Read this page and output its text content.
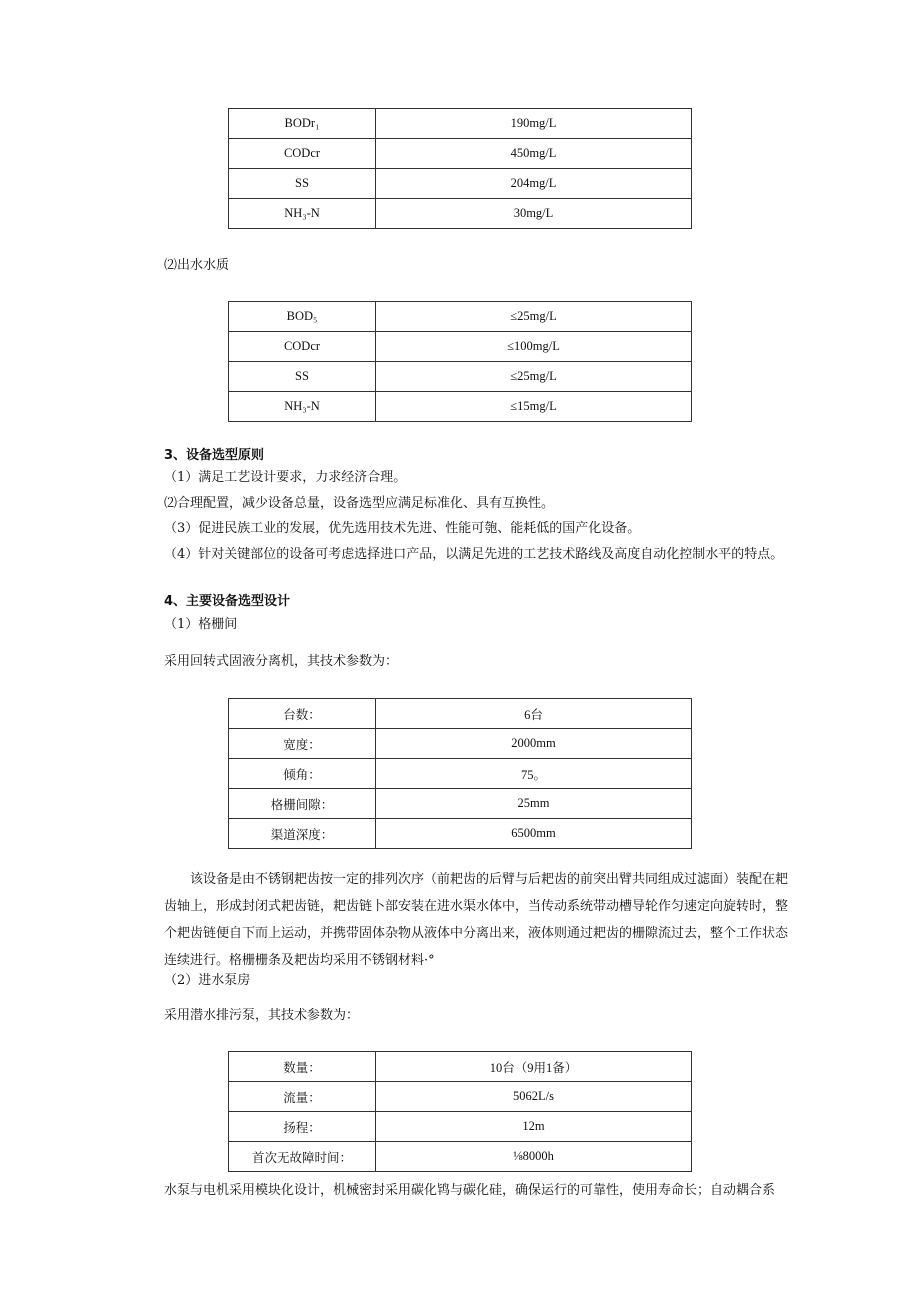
BODr₁	190mg/L
CODcr	450mg/L
SS	204mg/L
NH₃-N	30mg/L
⑵出水水质
BOD₅	≤25mg/L
CODcr	≤100mg/L
SS	≤25mg/L
NH₃-N	≤15mg/L
3、设备选型原则
（1）满足工艺设计要求，力求经济合理。
⑵合理配置，减少设备总量，设备选型应满足标准化、具有互换性。
（3）促进民族工业的发展，优先选用技术先进、性能可匏、能耗低的国产化设备。
（4）针对关键部位的设备可考虑选择进口产品，以满足先进的工艺技术路线及高度自动化控制水平的特点。
4、主要设备选型设计
（1）格栅间
采用回转式固液分离机，其技术参数为：
台数：	6台
宽度：	2000mm
倾角：	75。
格栅间隙：	25mm
渠道深度：	6500mm
该设备是由不锈钢耙齿按一定的排列次序（前耙齿的后臂与后耙齿的前突出臂共同组成过滤面）装配在耙齿轴上，形成封闭式耙齿链，耙齿链卜部安装在进水渠水体中，当传动系统带动槽导轮作匀速定向旋转时，整个耙齿链便自下而上运动，并携带固体杂物从液体中分离出来，液体则通过耙齿的栅隙流过去，整个工作状态连续进行。格栅栅条及耙齿均采用不锈钢材料·°
（2）进水泵房
采用潜水排污泵，其技术参数为：
数量：	10台（9用1备）
流量：	5062L/s
扬程：	12m
首次无故障时间：	⅛8000h
水泵与电机采用模块化设计，机械密封采用碳化鸨与碳化硅，确保运行的可靠性，使用寿命长；自动耦合系
